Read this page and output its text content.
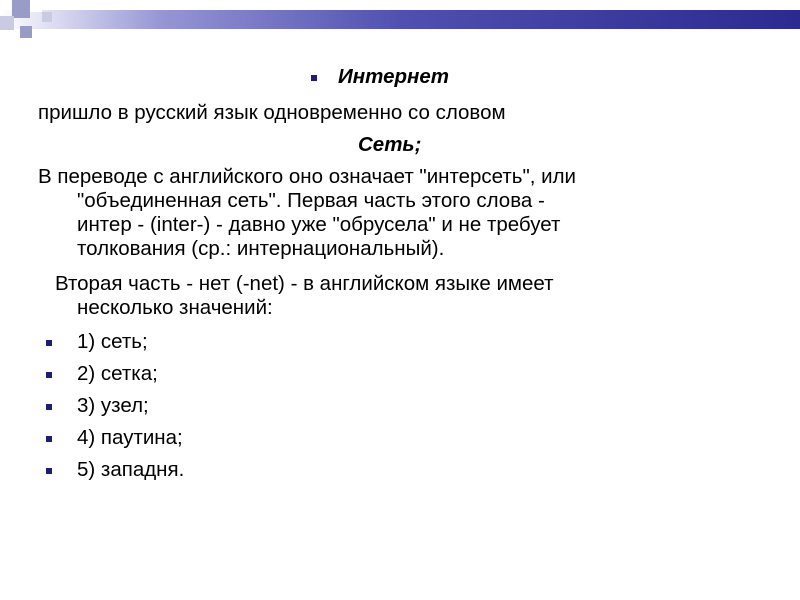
Интернет
пришло в русский язык одновременно со словом
Сеть;
В переводе с английского оно означает "интерсеть", или
"объединенная сеть". Первая часть этого слова -
интер - (inter-) - давно уже "обрусела" и не требует
толкования (ср.: интернациональный).
Вторая часть - нет (-net) - в английском языке имеет
несколько значений:
1) сеть;
2) сетка;
3) узел;
4) паутина;
5) западня.
